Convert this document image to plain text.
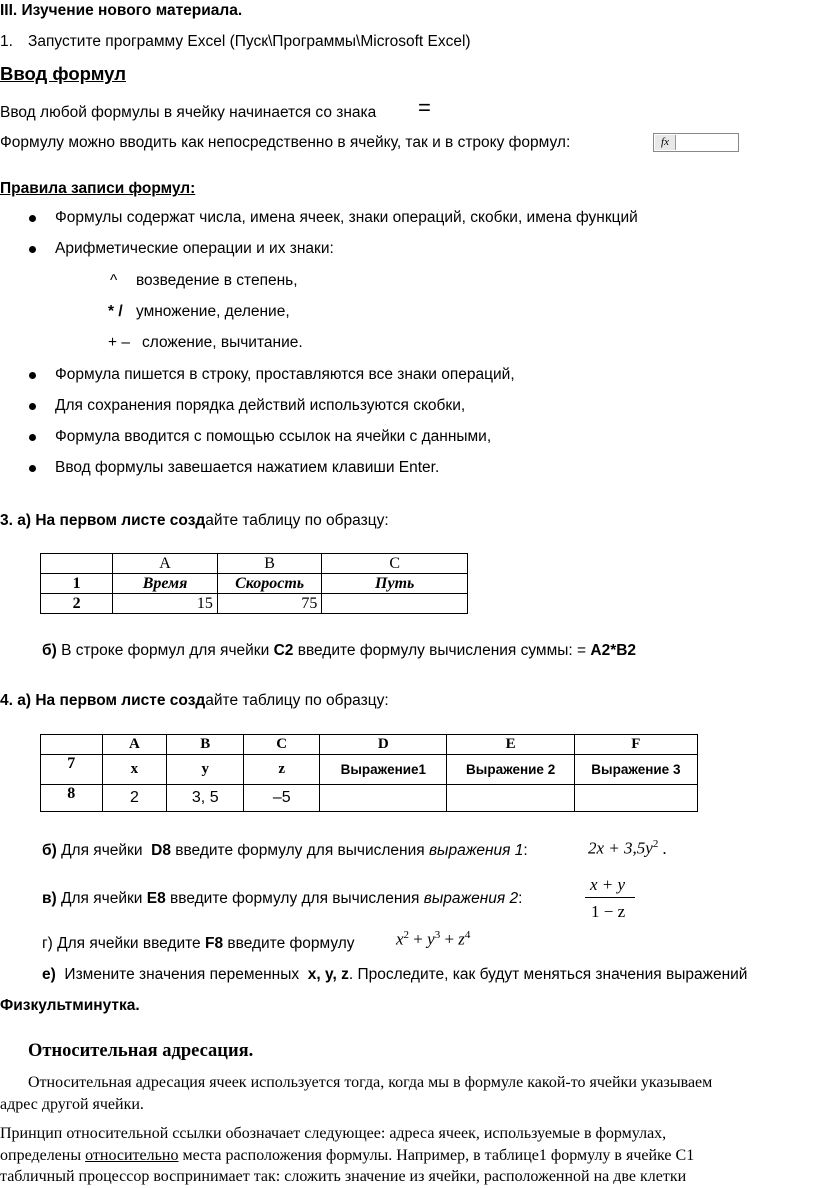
III. Изучение нового материала.
1. Запустите программу Excel (Пуск\Программы\Microsoft Excel)
Ввод формул
Ввод любой формулы в ячейку начинается со знака =
Формулу можно вводить как непосредственно в ячейку, так и в строку формул:	fx
Правила записи формул:
Формулы содержат числа, имена ячеек, знаки операций, скобки, имена функций
Арифметические операции и их знаки:
^ возведение в степень,
* / умножение, деление,
+ – сложение, вычитание.
Формула пишется в строку, проставляются все знаки операций,
Для сохранения порядка действий используются скобки,
Формула вводится с помощью ссылок на ячейки с данными,
Ввод формулы завешается нажатием клавиши Enter.
3. а) На первом листе создайте таблицу по образцу:
	A	B	C
1	Время	Скорость	Путь
2	15	75	
б) В строке формул для ячейки С2 введите формулу вычисления суммы: = А2*В2
4. а) На первом листе создайте таблицу по образцу:
	A	B	C	D	E	F
7	x	y	z	Выражение1	Выражение 2	Выражение 3
8	2	3, 5	–5			
б) Для ячейки D8 введите формулу для вычисления выражения 1:	$2x + 3,5y^2$ .
в) Для ячейки Е8 введите формулу для вычисления выражения 2:
x + y
1 − z
г) Для ячейки введите F8 введите формулу $x^2 + y^3 + z^4$
е) Измените значения переменных x, y, z. Проследите, как будут меняться значения выражений
Физкультминутка.
Относительная адресация.
Относительная адресация ячеек используется тогда, когда мы в формуле какой-то ячейки указываем
адрес другой ячейки.
Принцип относительной ссылки обозначает следующее: адреса ячеек, используемые в формулах,
определены относительно места расположения формулы. Например, в таблице1 формулу в ячейке С1
табличный процессор воспринимает так: сложить значение из ячейки, расположенной на две клетки
